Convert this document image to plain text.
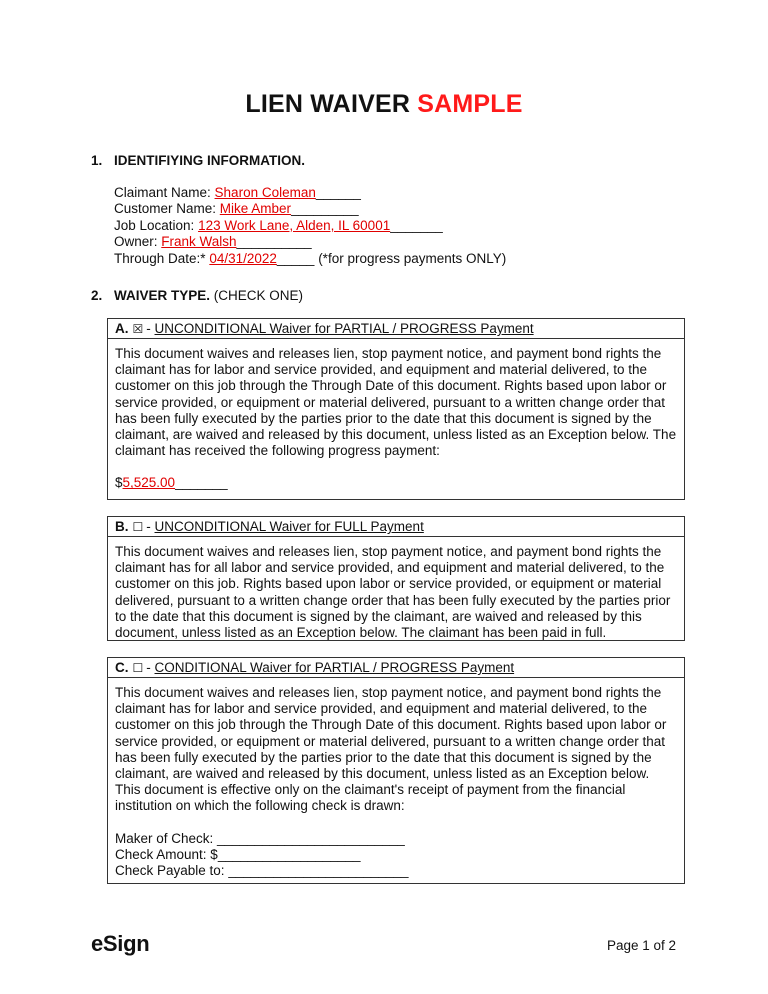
LIEN WAIVER SAMPLE
1. IDENTIFIYING INFORMATION.
Claimant Name: Sharon Coleman______
Customer Name: Mike Amber_________
Job Location: 123 Work Lane, Alden, IL 60001_______
Owner: Frank Walsh__________
Through Date:* 04/31/2022_____ (*for progress payments ONLY)
2. WAIVER TYPE. (CHECK ONE)
A. ☒ - UNCONDITIONAL Waiver for PARTIAL / PROGRESS Payment

This document waives and releases lien, stop payment notice, and payment bond rights the claimant has for labor and service provided, and equipment and material delivered, to the customer on this job through the Through Date of this document. Rights based upon labor or service provided, or equipment or material delivered, pursuant to a written change order that has been fully executed by the parties prior to the date that this document is signed by the claimant, are waived and released by this document, unless listed as an Exception below. The claimant has received the following progress payment:

$5,525.00_______
B. ☐ - UNCONDITIONAL Waiver for FULL Payment

This document waives and releases lien, stop payment notice, and payment bond rights the claimant has for all labor and service provided, and equipment and material delivered, to the customer on this job. Rights based upon labor or service provided, or equipment or material delivered, pursuant to a written change order that has been fully executed by the parties prior to the date that this document is signed by the claimant, are waived and released by this document, unless listed as an Exception below. The claimant has been paid in full.

C. ☐ - CONDITIONAL Waiver for PARTIAL / PROGRESS Payment

This document waives and releases lien, stop payment notice, and payment bond rights the claimant has for labor and service provided, and equipment and material delivered, to the customer on this job through the Through Date of this document. Rights based upon labor or service provided, or equipment or material delivered, pursuant to a written change order that has been fully executed by the parties prior to the date that this document is signed by the claimant, are waived and released by this document, unless listed as an Exception below. This document is effective only on the claimant's receipt of payment from the financial institution on which the following check is drawn:

Maker of Check: _________________________
Check Amount: $___________________
Check Payable to: ________________________
eSign	Page 1 of 2
